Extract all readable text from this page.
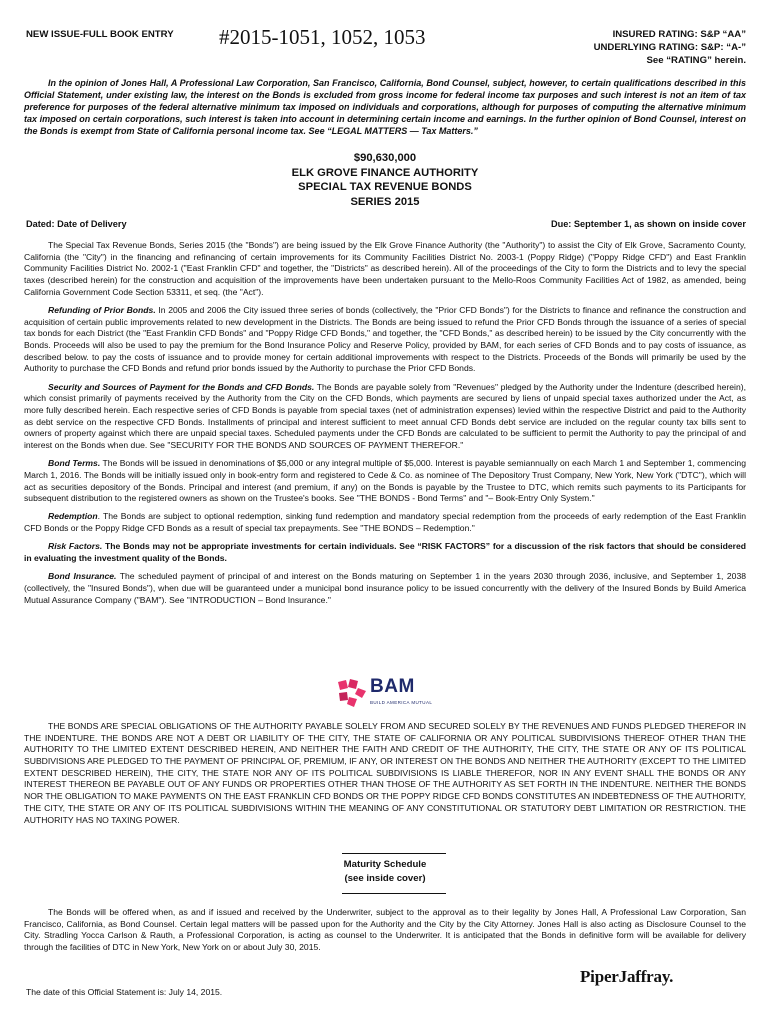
NEW ISSUE-FULL BOOK ENTRY #2015-1051, 1052, 1053	INSURED RATING: S&P “AA”
UNDERLYING RATING: S&P: “A-”
See “RATING” herein.
In the opinion of Jones Hall, A Professional Law Corporation, San Francisco, California, Bond Counsel, subject, however, to certain qualifications described in this Official Statement, under existing law, the interest on the Bonds is excluded from gross income for federal income tax purposes and such interest is not an item of tax preference for purposes of the federal alternative minimum tax imposed on individuals and corporations, although for purposes of computing the alternative minimum tax imposed on certain corporations, such interest is taken into account in determining certain income and earnings. In the further opinion of Bond Counsel, interest on the Bonds is exempt from State of California personal income tax. See “LEGAL MATTERS — Tax Matters.”
$90,630,000
ELK GROVE FINANCE AUTHORITY
SPECIAL TAX REVENUE BONDS
SERIES 2015
Dated: Date of Delivery	Due: September 1, as shown on inside cover

The Special Tax Revenue Bonds, Series 2015 (the "Bonds") are being issued by the Elk Grove Finance Authority (the "Authority") to assist the City of Elk Grove, Sacramento County, California (the "City") in the financing and refinancing of certain improvements for its Community Facilities District No. 2003-1 (Poppy Ridge) ("Poppy Ridge CFD") and East Franklin Community Facilities District No. 2002-1 ("East Franklin CFD" and together, the "Districts" as described herein). All of the proceedings of the City to form the Districts and to levy the special taxes (described herein) for the construction and acquisition of the improvements have been undertaken pursuant to the Mello-Roos Community Facilities Act of 1982, as amended, being California Government Code Section 53311, et seq. (the "Act").

Refunding of Prior Bonds. In 2005 and 2006 the City issued three series of bonds (collectively, the "Prior CFD Bonds") for the Districts to finance and refinance the construction and acquisition of certain public improvements related to new development in the Districts. The Bonds are being issued to refund the Prior CFD Bonds through the issuance of a series of special tax bonds for each District (the "East Franklin CFD Bonds" and "Poppy Ridge CFD Bonds," and together, the "CFD Bonds," as described herein) to be issued by the City concurrently with the Bonds. Proceeds will also be used to pay the premium for the Bond Insurance Policy and Reserve Policy, provided by BAM, for each series of CFD Bonds and to pay costs of issuance, as described below. to pay the costs of issuance and to provide money for certain additional improvements with respect to the Districts. Proceeds of the Bonds will primarily be used by the Authority to purchase the CFD Bonds and refund prior bonds issued by the Authority to purchase the Prior CFD Bonds.

Security and Sources of Payment for the Bonds and CFD Bonds. The Bonds are payable solely from "Revenues" pledged by the Authority under the Indenture (described herein), which consist primarily of payments received by the Authority from the City on the CFD Bonds, which payments are secured by liens of unpaid special taxes authorized under the Act, as more fully described herein. Each respective series of CFD Bonds is payable from special taxes (net of administration expenses) levied within the respective District and paid to the Authority as debt service on the respective CFD Bonds. Installments of principal and interest sufficient to meet annual CFD Bonds debt service are included on the regular county tax bills sent to owners of property against which there are unpaid special taxes. Scheduled payments under the CFD Bonds are calculated to be sufficient to permit the Authority to pay the principal of and interest on the Bonds when due. See "SECURITY FOR THE BONDS AND SOURCES OF PAYMENT THEREFOR."

Bond Terms. The Bonds will be issued in denominations of $5,000 or any integral multiple of $5,000. Interest is payable semiannually on each March 1 and September 1, commencing March 1, 2016. The Bonds will be initially issued only in book-entry form and registered to Cede & Co. as nominee of The Depository Trust Company, New York, New York ("DTC"), which will act as securities depository of the Bonds. Principal and interest (and premium, if any) on the Bonds is payable by the Trustee to DTC, which remits such payments to its Participants for subsequent distribution to the registered owners as shown on the Trustee's books. See "THE BONDS - Bond Terms" and "– Book-Entry Only System."

Redemption. The Bonds are subject to optional redemption, sinking fund redemption and mandatory special redemption from the proceeds of early redemption of the East Franklin CFD Bonds or the Poppy Ridge CFD Bonds as a result of special tax prepayments. See "THE BONDS – Redemption."

Risk Factors. The Bonds may not be appropriate investments for certain individuals. See “RISK FACTORS” for a discussion of the risk factors that should be considered in evaluating the investment quality of the Bonds.

Bond Insurance. The scheduled payment of principal of and interest on the Bonds maturing on September 1 in the years 2030 through 2036, inclusive, and September 1, 2038 (collectively, the "Insured Bonds"), when due will be guaranteed under a municipal bond insurance policy to be issued concurrently with the delivery of the Insured Bonds by Build America Mutual Assurance Company ("BAM"). See "INTRODUCTION – Bond Insurance."

BAM
BUILD AMERICA MUTUAL
THE BONDS ARE SPECIAL OBLIGATIONS OF THE AUTHORITY PAYABLE SOLELY FROM AND SECURED SOLELY BY THE REVENUES AND FUNDS PLEDGED THEREFOR IN THE INDENTURE. THE BONDS ARE NOT A DEBT OR LIABILITY OF THE CITY, THE STATE OF CALIFORNIA OR ANY POLITICAL SUBDIVISIONS THEREOF OTHER THAN THE AUTHORITY TO THE LIMITED EXTENT DESCRIBED HEREIN, AND NEITHER THE FAITH AND CREDIT OF THE AUTHORITY, THE CITY, THE STATE OR ANY OF ITS POLITICAL SUBDIVISIONS ARE PLEDGED TO THE PAYMENT OF PRINCIPAL OF, PREMIUM, IF ANY, OR INTEREST ON THE BONDS AND NEITHER THE AUTHORITY (EXCEPT TO THE LIMITED EXTENT DESCRIBED HEREIN), THE CITY, THE STATE NOR ANY OF ITS POLITICAL SUBDIVISIONS IS LIABLE THEREFOR, NOR IN ANY EVENT SHALL THE BONDS OR ANY INTEREST THEREON BE PAYABLE OUT OF ANY FUNDS OR PROPERTIES OTHER THAN THOSE OF THE AUTHORITY AS SET FORTH IN THE INDENTURE. NEITHER THE BONDS NOR THE OBLIGATION TO MAKE PAYMENTS ON THE EAST FRANKLIN CFD BONDS OR THE POPPY RIDGE CFD BONDS CONSTITUTES AN INDEBTEDNESS OF THE AUTHORITY, THE CITY, THE STATE OR ANY OF ITS POLITICAL SUBDIVISIONS WITHIN THE MEANING OF ANY CONSTITUTIONAL OR STATUTORY DEBT LIMITATION OR RESTRICTION. THE AUTHORITY HAS NO TAXING POWER.
Maturity Schedule
(see inside cover)
The Bonds will be offered when, as and if issued and received by the Underwriter, subject to the approval as to their legality by Jones Hall, A Professional Law Corporation, San Francisco, California, as Bond Counsel. Certain legal matters will be passed upon for the Authority and the City by the City Attorney. Jones Hall is also acting as Disclosure Counsel to the City. Stradling Yocca Carlson & Rauth, a Professional Corporation, is acting as counsel to the Underwriter. It is anticipated that the Bonds in definitive form will be available for delivery through the facilities of DTC in New York, New York on or about July 30, 2015.
PiperJaffray.
The date of this Official Statement is: July 14, 2015.
